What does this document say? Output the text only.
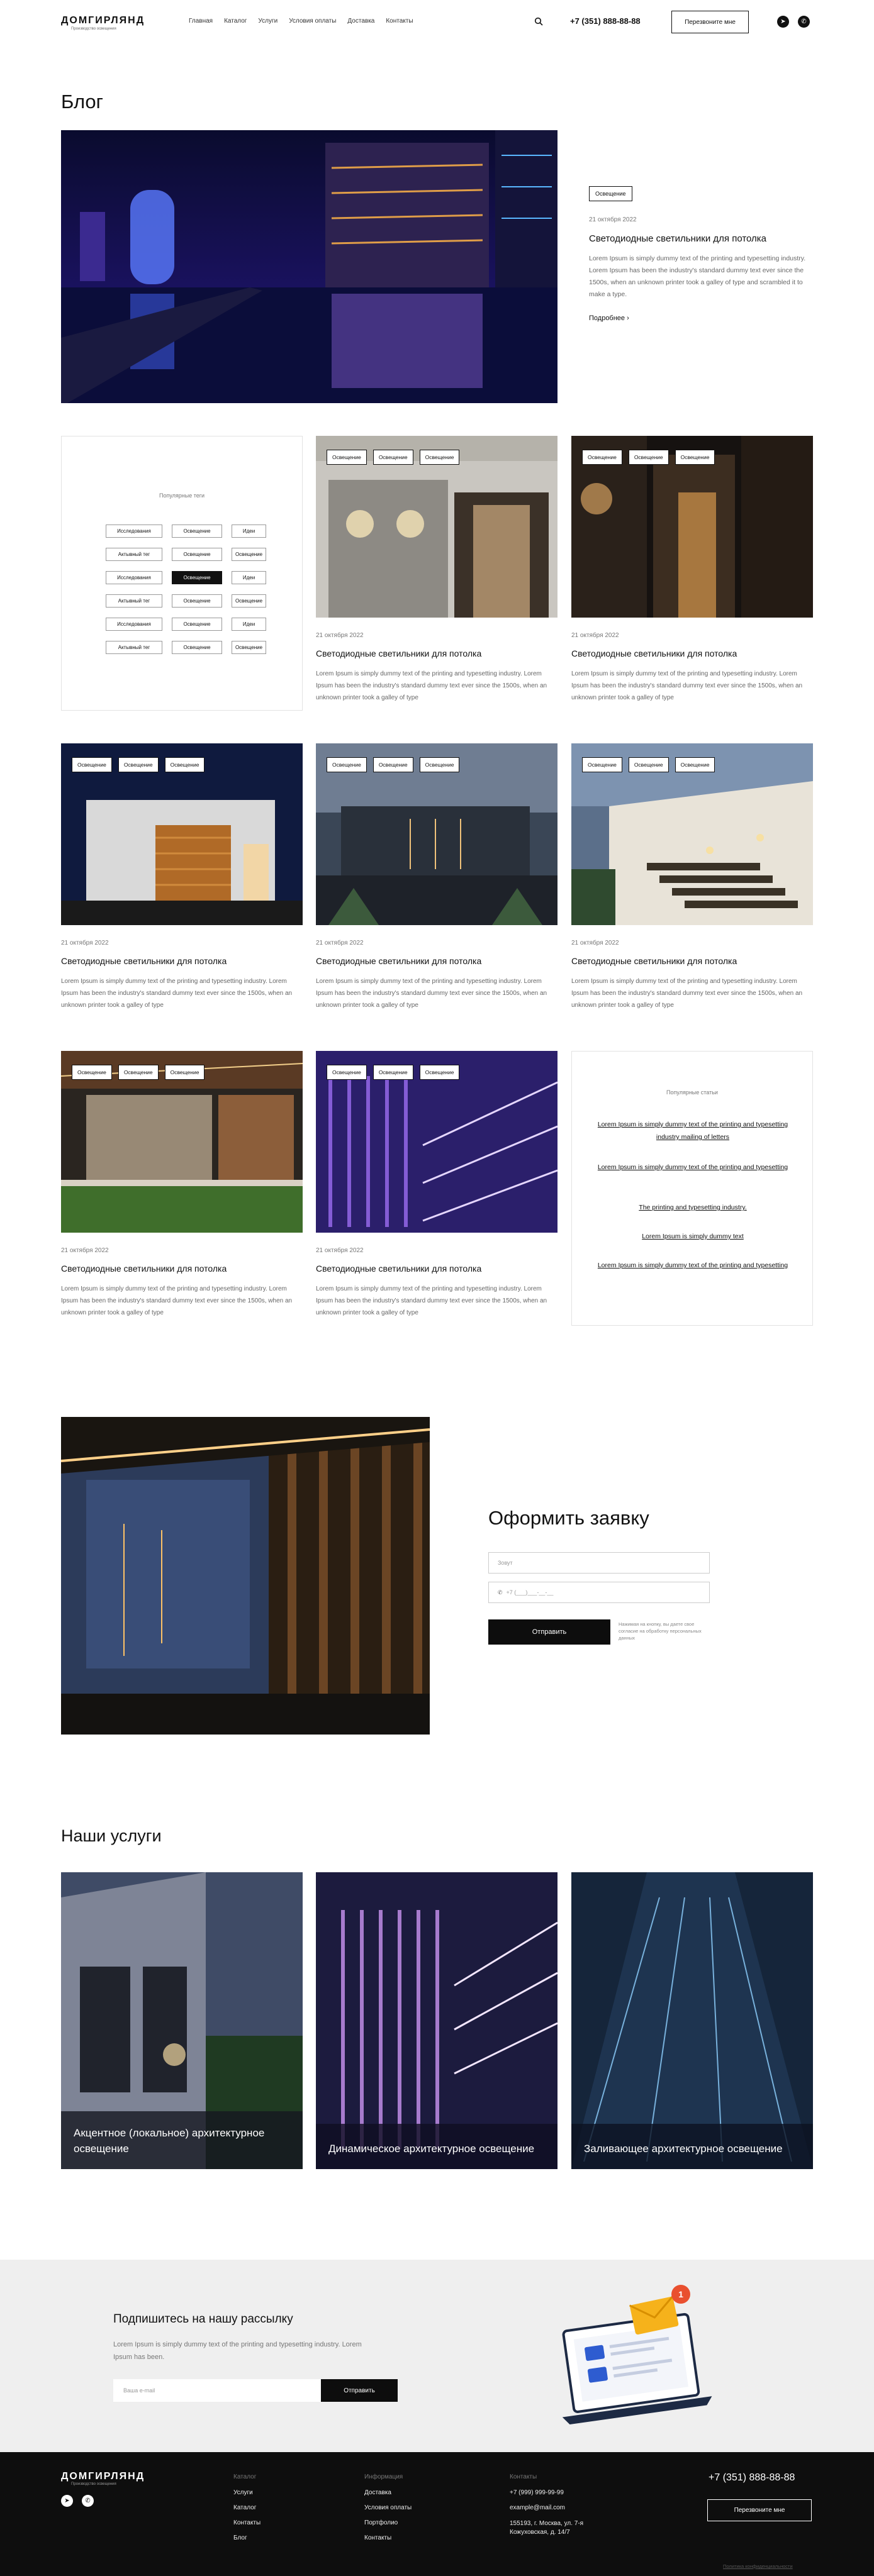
ДОМГИРЛЯНД
Производство освещения
Главная Каталог Услуги Условия оплаты Доставка Контакты	+7 (351) 888-88-88	Перезвоните мне	➤	✆
Блог
Освещение
21 октября 2022
Светодиодные светильники для потолка
Lorem Ipsum is simply dummy text of the printing and typesetting industry. Lorem Ipsum has been the industry's standard dummy text ever since the 1500s, when an unknown printer took a galley of type and scrambled it to make a type.
Подробнее ›
Популярные теги
Исследования	Освещение	Идеи
Актывный тег	Освещение	Освещение
Исследования	Освещение	Идеи
Актывный тег	Освещение	Освещение
Исследования	Освещение	Идеи
Актывный тег	Освещение	Освещение
Освещение	Освещение	Освещение
21 октября 2022
Светодиодные светильники для потолка
Lorem Ipsum is simply dummy text of the printing and typesetting industry. Lorem Ipsum has been the industry's standard dummy text ever since the 1500s, when an unknown printer took a galley of type
Освещение	Освещение	Освещение
21 октября 2022
Светодиодные светильники для потолка
Lorem Ipsum is simply dummy text of the printing and typesetting industry. Lorem Ipsum has been the industry's standard dummy text ever since the 1500s, when an unknown printer took a galley of type
Освещение	Освещение	Освещение
21 октября 2022
Светодиодные светильники для потолка
Lorem Ipsum is simply dummy text of the printing and typesetting industry. Lorem Ipsum has been the industry's standard dummy text ever since the 1500s, when an unknown printer took a galley of type
Освещение	Освещение	Освещение
21 октября 2022
Светодиодные светильники для потолка
Lorem Ipsum is simply dummy text of the printing and typesetting industry. Lorem Ipsum has been the industry's standard dummy text ever since the 1500s, when an unknown printer took a galley of type
Освещение	Освещение	Освещение
21 октября 2022
Светодиодные светильники для потолка
Lorem Ipsum is simply dummy text of the printing and typesetting industry. Lorem Ipsum has been the industry's standard dummy text ever since the 1500s, when an unknown printer took a galley of type
Освещение	Освещение	Освещение
21 октября 2022
Светодиодные светильники для потолка
Lorem Ipsum is simply dummy text of the printing and typesetting industry. Lorem Ipsum has been the industry's standard dummy text ever since the 1500s, when an unknown printer took a galley of type
Освещение	Освещение	Освещение
21 октября 2022
Светодиодные светильники для потолка
Lorem Ipsum is simply dummy text of the printing and typesetting industry. Lorem Ipsum has been the industry's standard dummy text ever since the 1500s, when an unknown printer took a galley of type
Популярные статьи
Lorem Ipsum is simply dummy text of the printing and typesetting industry mailing of letters
Lorem Ipsum is simply dummy text of the printing and typesetting
The printing and typesetting industry.
Lorem Ipsum is simply dummy text
Lorem Ipsum is simply dummy text of the printing and typesetting
Оформить заявку
Зовут
✆ +7 (___)___-__-__
Отправить
Нажимая на кнопку, вы даете свое согласие на обработку персональных данных
Наши услуги
Акцентное (локальное) архитектурное освещение	Динамическое архитектурное освещение	Заливающее архитектурное освещение
Подпишитесь на нашу рассылку
Lorem Ipsum is simply dummy text of the printing and typesetting industry. Lorem Ipsum has been.
Ваша e-mail	Отправить
1
ДОМГИРЛЯНД
Производство освещения
➤	✆
Каталог
Услуги
Каталог
Контакты
Блог
Информация
Доставка
Условия оплаты
Портфолио
Контакты
Контакты
+7 (999) 999-99-99
example@mail.com
155193, г. Москва, ул. 7-я Кожуховская, д. 14/7
+7 (351) 888-88-88
Перезвоните мне
Политика конфиденциальности
